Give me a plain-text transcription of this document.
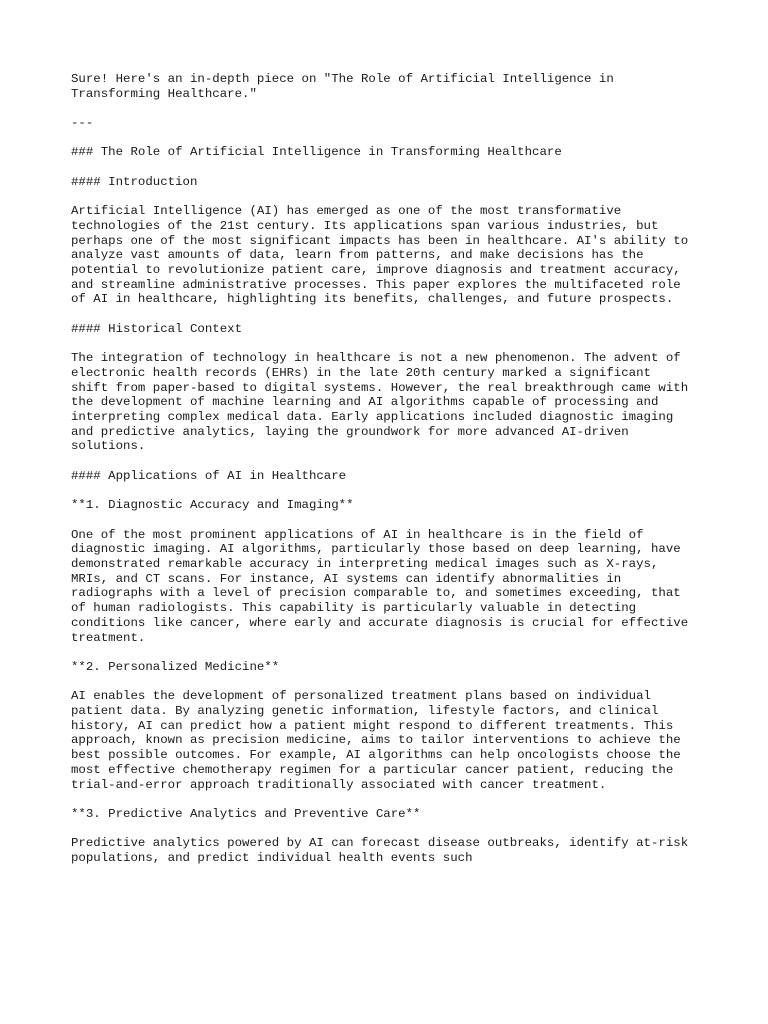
Sure! Here's an in-depth piece on "The Role of Artificial Intelligence in
Transforming Healthcare."

---

### The Role of Artificial Intelligence in Transforming Healthcare

#### Introduction

Artificial Intelligence (AI) has emerged as one of the most transformative
technologies of the 21st century. Its applications span various industries, but
perhaps one of the most significant impacts has been in healthcare. AI's ability to
analyze vast amounts of data, learn from patterns, and make decisions has the
potential to revolutionize patient care, improve diagnosis and treatment accuracy,
and streamline administrative processes. This paper explores the multifaceted role
of AI in healthcare, highlighting its benefits, challenges, and future prospects.

#### Historical Context

The integration of technology in healthcare is not a new phenomenon. The advent of
electronic health records (EHRs) in the late 20th century marked a significant
shift from paper-based to digital systems. However, the real breakthrough came with
the development of machine learning and AI algorithms capable of processing and
interpreting complex medical data. Early applications included diagnostic imaging
and predictive analytics, laying the groundwork for more advanced AI-driven
solutions.

#### Applications of AI in Healthcare

**1. Diagnostic Accuracy and Imaging**

One of the most prominent applications of AI in healthcare is in the field of
diagnostic imaging. AI algorithms, particularly those based on deep learning, have
demonstrated remarkable accuracy in interpreting medical images such as X-rays,
MRIs, and CT scans. For instance, AI systems can identify abnormalities in
radiographs with a level of precision comparable to, and sometimes exceeding, that
of human radiologists. This capability is particularly valuable in detecting
conditions like cancer, where early and accurate diagnosis is crucial for effective
treatment.

**2. Personalized Medicine**

AI enables the development of personalized treatment plans based on individual
patient data. By analyzing genetic information, lifestyle factors, and clinical
history, AI can predict how a patient might respond to different treatments. This
approach, known as precision medicine, aims to tailor interventions to achieve the
best possible outcomes. For example, AI algorithms can help oncologists choose the
most effective chemotherapy regimen for a particular cancer patient, reducing the
trial-and-error approach traditionally associated with cancer treatment.

**3. Predictive Analytics and Preventive Care**

Predictive analytics powered by AI can forecast disease outbreaks, identify at-risk
populations, and predict individual health events such
